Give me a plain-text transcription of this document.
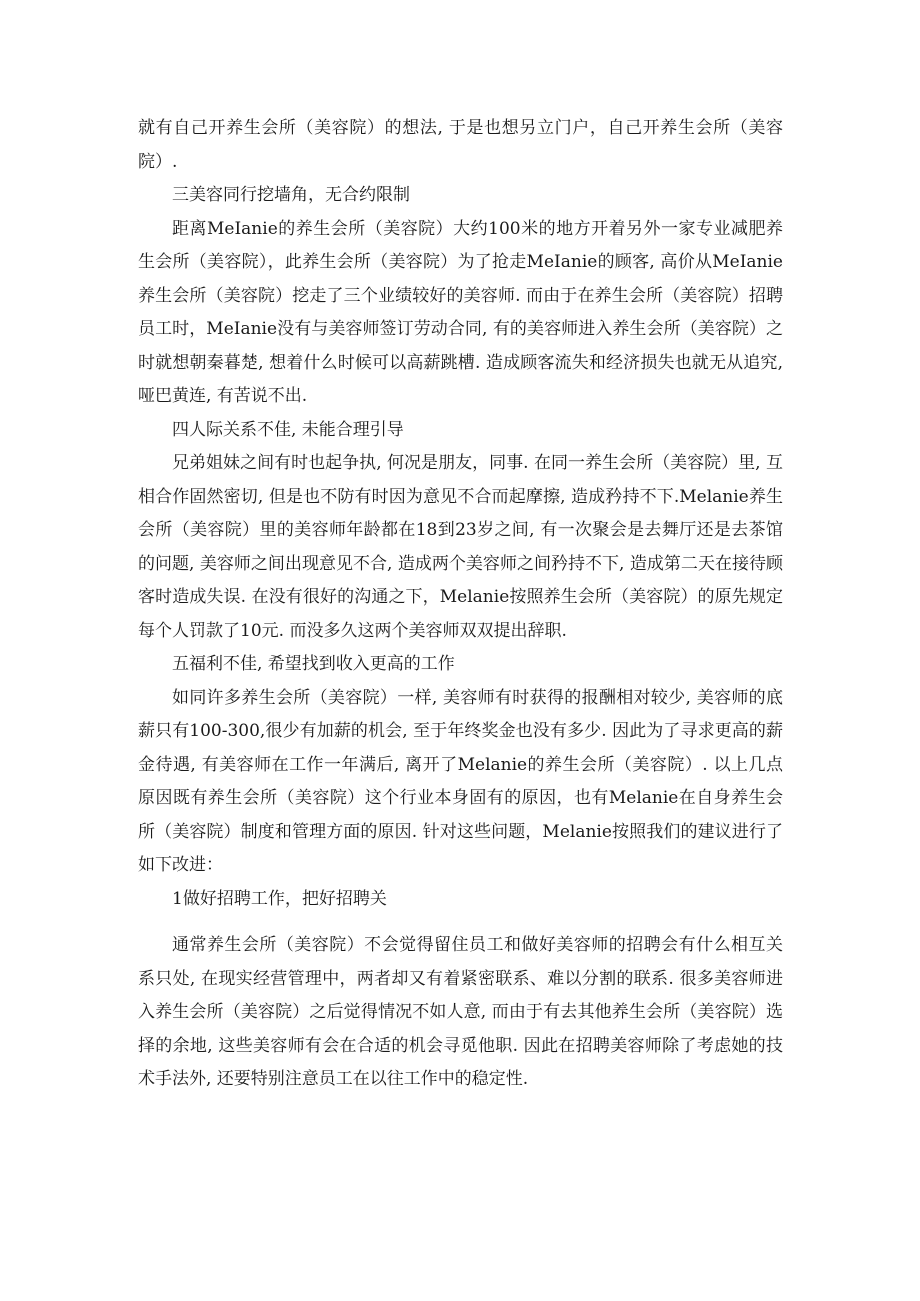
就有自己开养生会所（美容院）的想法, 于是也想另立门户，自己开养生会所（美容院）.

三美容同行挖墙角，无合约限制

距离MeIanie的养生会所（美容院）大约100米的地方开着另外一家专业减肥养生会所（美容院），此养生会所（美容院）为了抢走MeIanie的顾客, 高价从MeIanie养生会所（美容院）挖走了三个业绩较好的美容师. 而由于在养生会所（美容院）招聘员工时，MeIanie没有与美容师签订劳动合同, 有的美容师进入养生会所（美容院）之时就想朝秦暮楚, 想着什么时候可以高薪跳槽. 造成顾客流失和经济损失也就无从追究, 哑巴黄连, 有苦说不出.

四人际关系不佳, 未能合理引导

兄弟姐妹之间有时也起争执, 何况是朋友，同事. 在同一养生会所（美容院）里, 互相合作固然密切, 但是也不防有时因为意见不合而起摩擦, 造成矜持不下.Melanie养生会所（美容院）里的美容师年龄都在18到23岁之间, 有一次聚会是去舞厅还是去茶馆的问题, 美容师之间出现意见不合, 造成两个美容师之间矜持不下, 造成第二天在接待顾客时造成失误. 在没有很好的沟通之下，Melanie按照养生会所（美容院）的原先规定每个人罚款了10元. 而没多久这两个美容师双双提出辞职.

五福利不佳, 希望找到收入更高的工作

如同许多养生会所（美容院）一样, 美容师有时获得的报酬相对较少, 美容师的底薪只有100-300,很少有加薪的机会, 至于年终奖金也没有多少. 因此为了寻求更高的薪金待遇, 有美容师在工作一年满后, 离开了Melanie的养生会所（美容院）. 以上几点原因既有养生会所（美容院）这个行业本身固有的原因，也有Melanie在自身养生会所（美容院）制度和管理方面的原因. 针对这些问题，Melanie按照我们的建议进行了如下改进：

1做好招聘工作，把好招聘关

通常养生会所（美容院）不会觉得留住员工和做好美容师的招聘会有什么相互关系只处, 在现实经营管理中，两者却又有着紧密联系、难以分割的联系. 很多美容师进入养生会所（美容院）之后觉得情况不如人意, 而由于有去其他养生会所（美容院）选择的余地, 这些美容师有会在合适的机会寻觅他职. 因此在招聘美容师除了考虑她的技术手法外, 还要特别注意员工在以往工作中的稳定性.
